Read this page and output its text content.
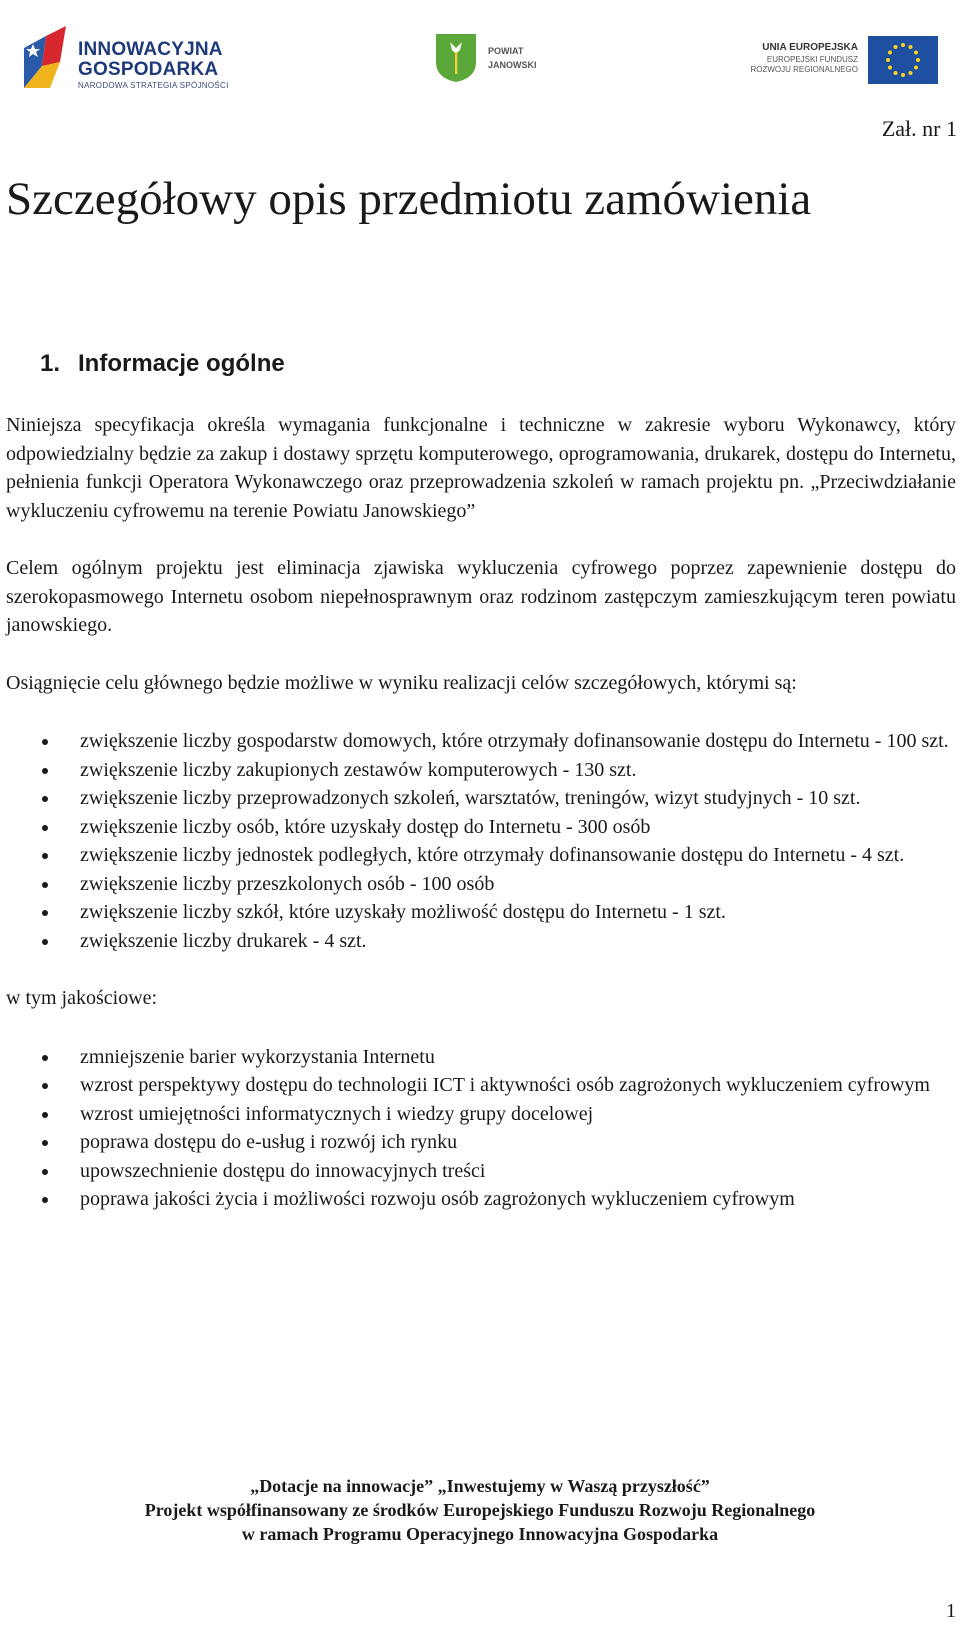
INNOWACYJNA
GOSPODARKA
NARODOWA STRATEGIA SPÓJNOŚCI
POWIAT
JANOWSKI
UNIA EUROPEJSKA
EUROPEJSKI FUNDUSZ
ROZWOJU REGIONALNEGO
Zał. nr 1
Szczegółowy opis przedmiotu zamówienia
1. Informacje ogólne

Niniejsza specyfikacja określa wymagania funkcjonalne i techniczne w zakresie wyboru Wykonawcy, który odpowiedzialny będzie za zakup i dostawy sprzętu komputerowego, oprogramowania, drukarek, dostępu do Internetu, pełnienia funkcji Operatora Wykonawczego oraz przeprowadzenia szkoleń w ramach projektu pn. „Przeciwdziałanie wykluczeniu cyfrowemu na terenie Powiatu Janowskiego”

Celem ogólnym projektu jest eliminacja zjawiska wykluczenia cyfrowego poprzez zapewnienie dostępu do szerokopasmowego Internetu osobom niepełnosprawnym oraz rodzinom zastępczym zamieszkującym teren powiatu janowskiego.

Osiągnięcie celu głównego będzie możliwe w wyniku realizacji celów szczegółowych, którymi są:

zwiększenie liczby gospodarstw domowych, które otrzymały dofinansowanie dostępu do Internetu - 100 szt.
zwiększenie liczby zakupionych zestawów komputerowych - 130 szt.
zwiększenie liczby przeprowadzonych szkoleń, warsztatów, treningów, wizyt studyjnych - 10 szt.
zwiększenie liczby osób, które uzyskały dostęp do Internetu - 300 osób
zwiększenie liczby jednostek podległych, które otrzymały dofinansowanie dostępu do Internetu - 4 szt.
zwiększenie liczby przeszkolonych osób - 100 osób
zwiększenie liczby szkół, które uzyskały możliwość dostępu do Internetu - 1 szt.
zwiększenie liczby drukarek - 4 szt.

w tym jakościowe:

zmniejszenie barier wykorzystania Internetu
wzrost perspektywy dostępu do technologii ICT i aktywności osób zagrożonych wykluczeniem cyfrowym
wzrost umiejętności informatycznych i wiedzy grupy docelowej
poprawa dostępu do e-usług i rozwój ich rynku
upowszechnienie dostępu do innowacyjnych treści
poprawa jakości życia i możliwości rozwoju osób zagrożonych wykluczeniem cyfrowym
„Dotacje na innowacje” „Inwestujemy w Waszą przyszłość”
Projekt współfinansowany ze środków Europejskiego Funduszu Rozwoju Regionalnego
w ramach Programu Operacyjnego Innowacyjna Gospodarka
1
